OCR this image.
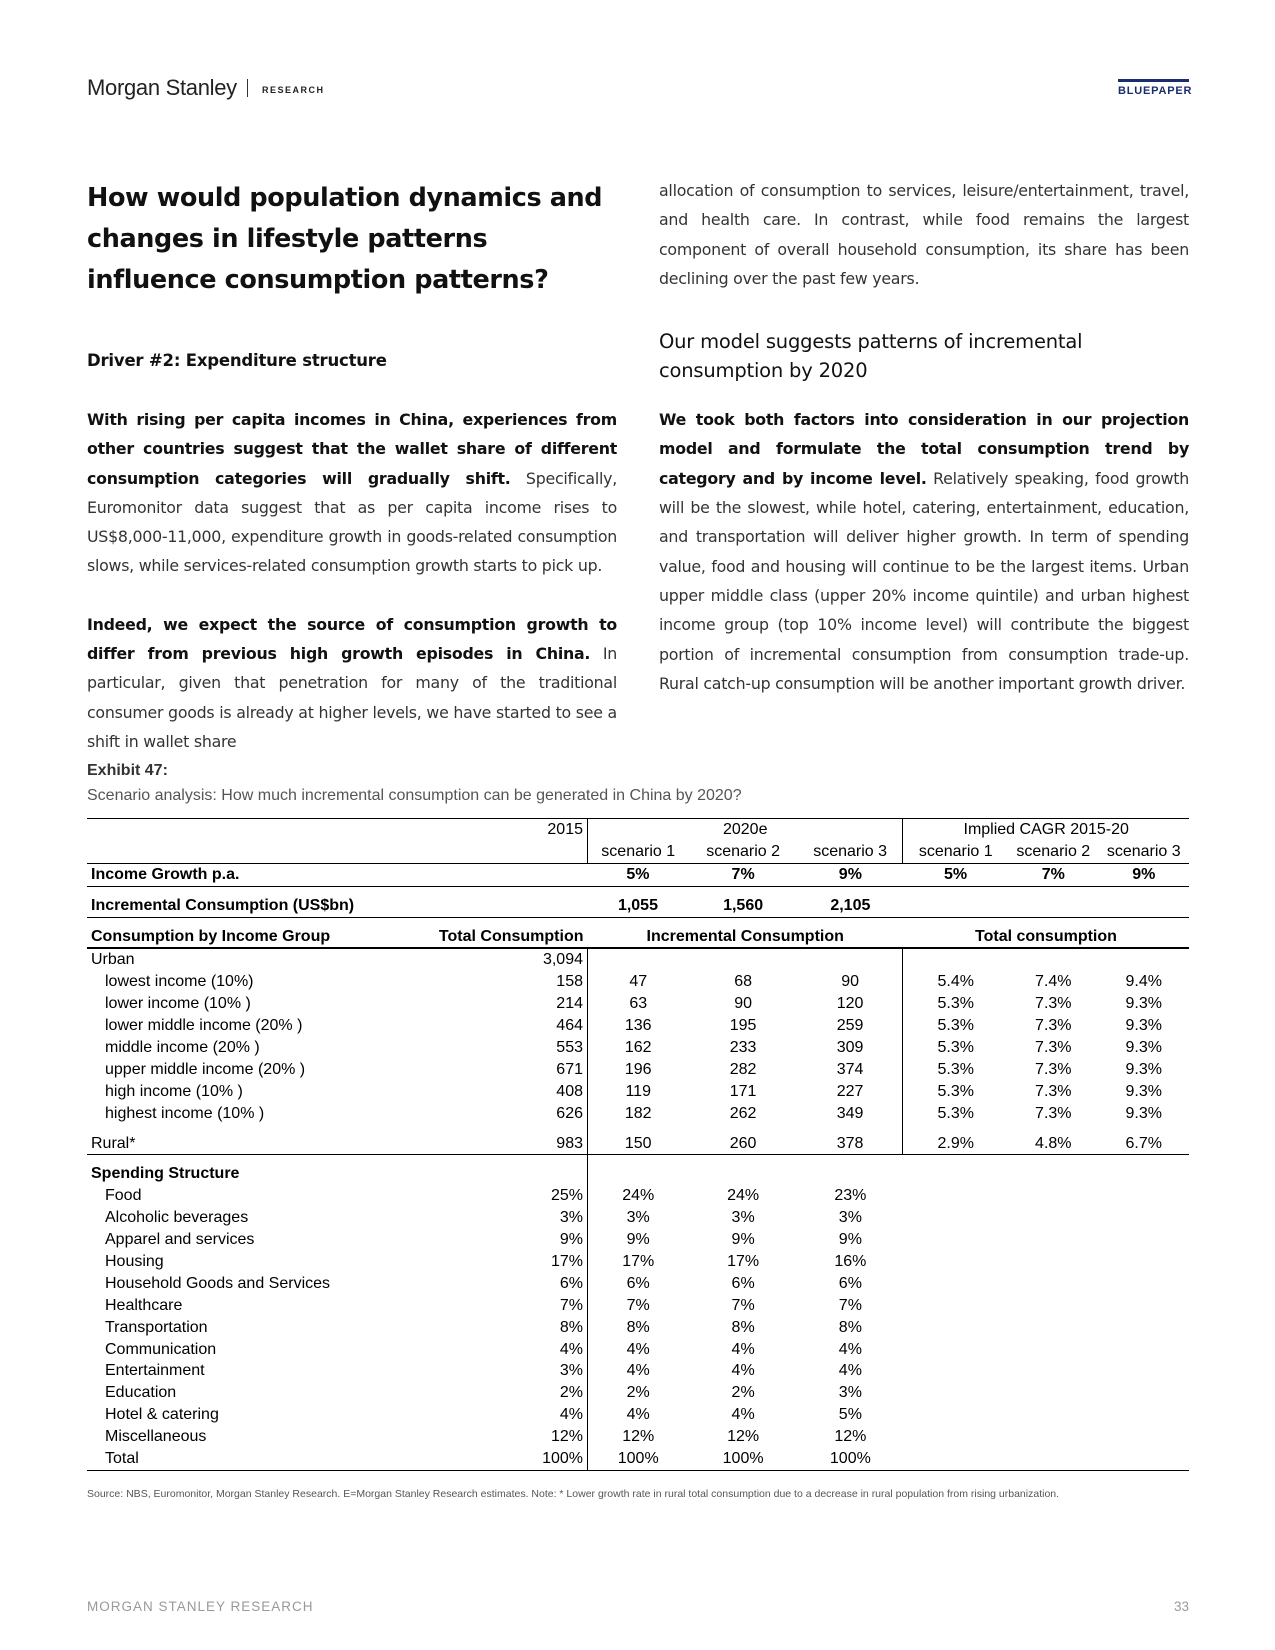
Morgan Stanley	RESEARCH	BLUEPAPER
How would population dynamics and changes in lifestyle patterns influence consumption patterns?
Driver #2: Expenditure structure

With rising per capita incomes in China, experiences from other countries suggest that the wallet share of different consumption categories will gradually shift. Specifically, Euromonitor data suggest that as per capita income rises to US$8,000-11,000, expenditure growth in goods-related consumption slows, while services-related consumption growth starts to pick up.

Indeed, we expect the source of consumption growth to differ from previous high growth episodes in China. In particular, given that penetration for many of the traditional consumer goods is already at higher levels, we have started to see a shift in wallet share

allocation of consumption to services, leisure/entertainment, travel, and health care. In contrast, while food remains the largest component of overall household consumption, its share has been declining over the past few years.

Our model suggests patterns of incremental consumption by 2020

We took both factors into consideration in our projection model and formulate the total consumption trend by category and by income level. Relatively speaking, food growth will be the slowest, while hotel, catering, entertainment, education, and transportation will deliver higher growth. In term of spending value, food and housing will continue to be the largest items. Urban upper middle class (upper 20% income quintile) and urban highest income group (top 10% income level) will contribute the biggest portion of incremental consumption from consumption trade-up. Rural catch-up consumption will be another important growth driver.

Exhibit 47:
Scenario analysis: How much incremental consumption can be generated in China by 2020?
	2015	2020e			Implied CAGR 2015-20		
		scenario 1	scenario 2	scenario 3	scenario 1	scenario 2	scenario 3
Income Growth p.a.		5%	7%	9%	5%	7%	9%

Incremental Consumption (US$bn)		1,055	1,560	2,105			

Consumption by Income Group	Total Consumption	Incremental Consumption			Total consumption		
Urban	3,094						
lowest income (10%)	158	47	68	90	5.4%	7.4%	9.4%
lower income (10% )	214	63	90	120	5.3%	7.3%	9.3%
lower middle income (20% )	464	136	195	259	5.3%	7.3%	9.3%
middle income (20% )	553	162	233	309	5.3%	7.3%	9.3%
upper middle income (20% )	671	196	282	374	5.3%	7.3%	9.3%
high income (10% )	408	119	171	227	5.3%	7.3%	9.3%
highest income (10% )	626	182	262	349	5.3%	7.3%	9.3%

Rural*	983	150	260	378	2.9%	4.8%	6.7%

Spending Structure							
Food	25%	24%	24%	23%			
Alcoholic beverages	3%	3%	3%	3%			
Apparel and services	9%	9%	9%	9%			
Housing	17%	17%	17%	16%			
Household Goods and Services	6%	6%	6%	6%			
Healthcare	7%	7%	7%	7%			
Transportation	8%	8%	8%	8%			
Communication	4%	4%	4%	4%			
Entertainment	3%	4%	4%	4%			
Education	2%	2%	2%	3%			
Hotel & catering	4%	4%	4%	5%			
Miscellaneous	12%	12%	12%	12%			
Total	100%	100%	100%	100%			
Source: NBS, Euromonitor, Morgan Stanley Research. E=Morgan Stanley Research estimates. Note: * Lower growth rate in rural total consumption due to a decrease in rural population from rising urbanization.
MORGAN STANLEY RESEARCH	33
